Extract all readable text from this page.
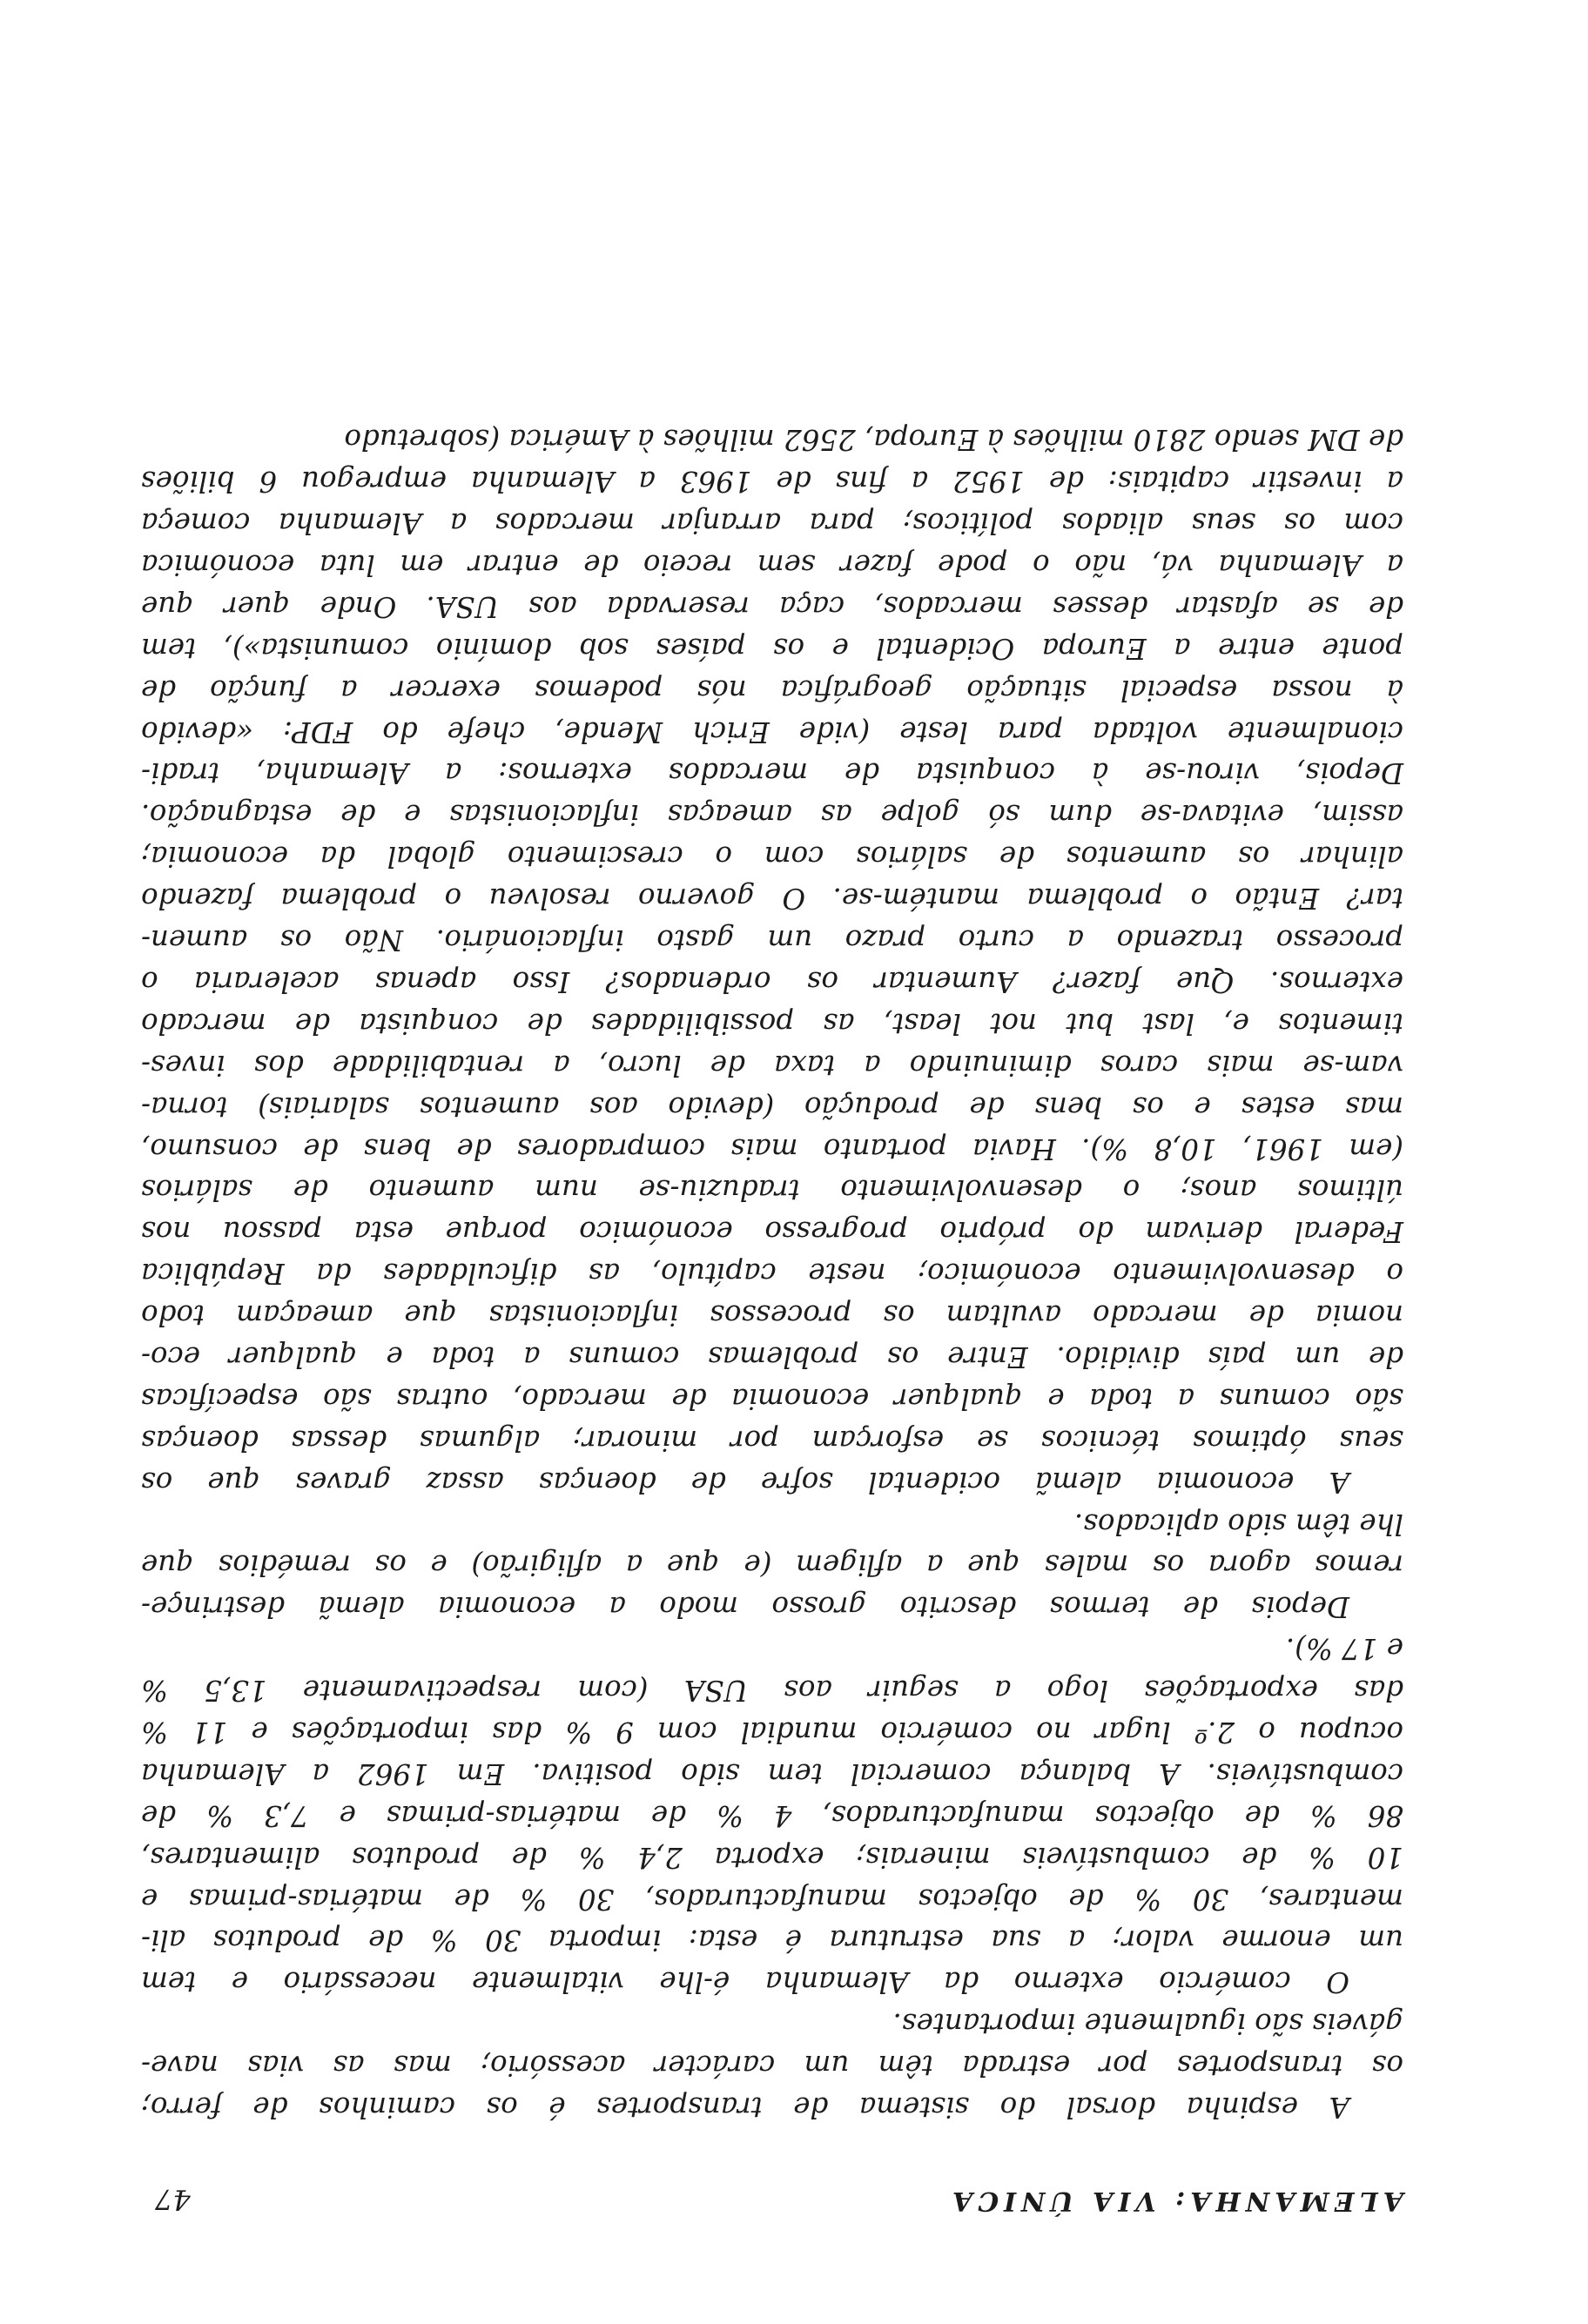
ALEMANHA: VIA ÚNICA
47
A espinha dorsal do sistema de transportes é os caminhos de ferro;
os transportes por estrada têm um carácter acessório; mas as vias nave-
gáveis são igualmente importantes.
O comércio externo da Alemanha é-lhe vitalmente necessário e tem
um enorme valor; a sua estrutura é esta: importa 30 % de produtos ali-
mentares, 30 % de objectos manufacturados, 30 % de matérias-primas e
10 % de combustíveis minerais; exporta 2,4 % de produtos alimentares,
86 % de objectos manufacturados, 4 % de matérias-primas e 7,3 % de
combustíveis. A balança comercial tem sido positiva. Em 1962 a Alemanha
ocupou o 2.º lugar no comércio mundial com 9 % das importações e 11 %
das exportações logo a seguir aos USA (com respectivamente 13,5 %
e 17 %).
Depois de termos descrito grosso modo a economia alemã destrinçe-
remos agora os males que a afligem (e que a afligirão) e os remédios que
lhe têm sido aplicados.
A economia alemã ocidental sofre de doenças assaz graves que os
seus óptimos técnicos se esforçam por minorar; algumas dessas doenças
são comuns a toda e qualquer economia de mercado, outras são específicas
de um país dividido. Entre os problemas comuns a toda e qualquer eco-
nomia de mercado avultam os processos inflacionistas que ameaçam todo
o desenvolvimento económico; neste capítulo, as dificuldades da República
Federal derivam do próprio progresso económico porque esta passou nos
últimos anos; o desenvolvimento traduziu-se num aumento de salários
(em 1961, 10,8 %). Havia portanto mais compradores de bens de consumo,
mas estes e os bens de produção (devido aos aumentos salariais) torna-
vam-se mais caros diminuindo a taxa de lucro, a rentabilidade dos inves-
timentos e, last but not least, as possibilidades de conquista de mercado
externos. Que fazer? Aumentar os ordenados? Isso apenas aceleraria o
processo trazendo a curto prazo um gasto inflacionário. Não os aumen-
tar? Então o problema mantém-se. O governo resolveu o problema fazendo
alinhar os aumentos de salários com o crescimento global da economia;
assim, evitava-se dum só golpe as ameaças inflacionistas e de estagnação.
Depois, virou-se à conquista de mercados externos: a Alemanha, tradi-
cionalmente voltada para leste (vide Erich Mende, chefe do FDP: «devido
à nossa especial situação geográfica nós podemos exercer a função de
ponte entre a Europa Ocidental e os países sob domínio comunista»), tem
de se afastar desses mercados, caça reservada aos USA. Onde quer que
a Alemanha vá, não o pode fazer sem receio de entrar em luta económica
com os seus aliados políticos; para arranjar mercados a Alemanha começa
a investir capitais: de 1952 a fins de 1963 a Alemanha empregou 6 biliões
de DM sendo 2810 milhões à Europa, 2562 milhões à América (sobretudo
